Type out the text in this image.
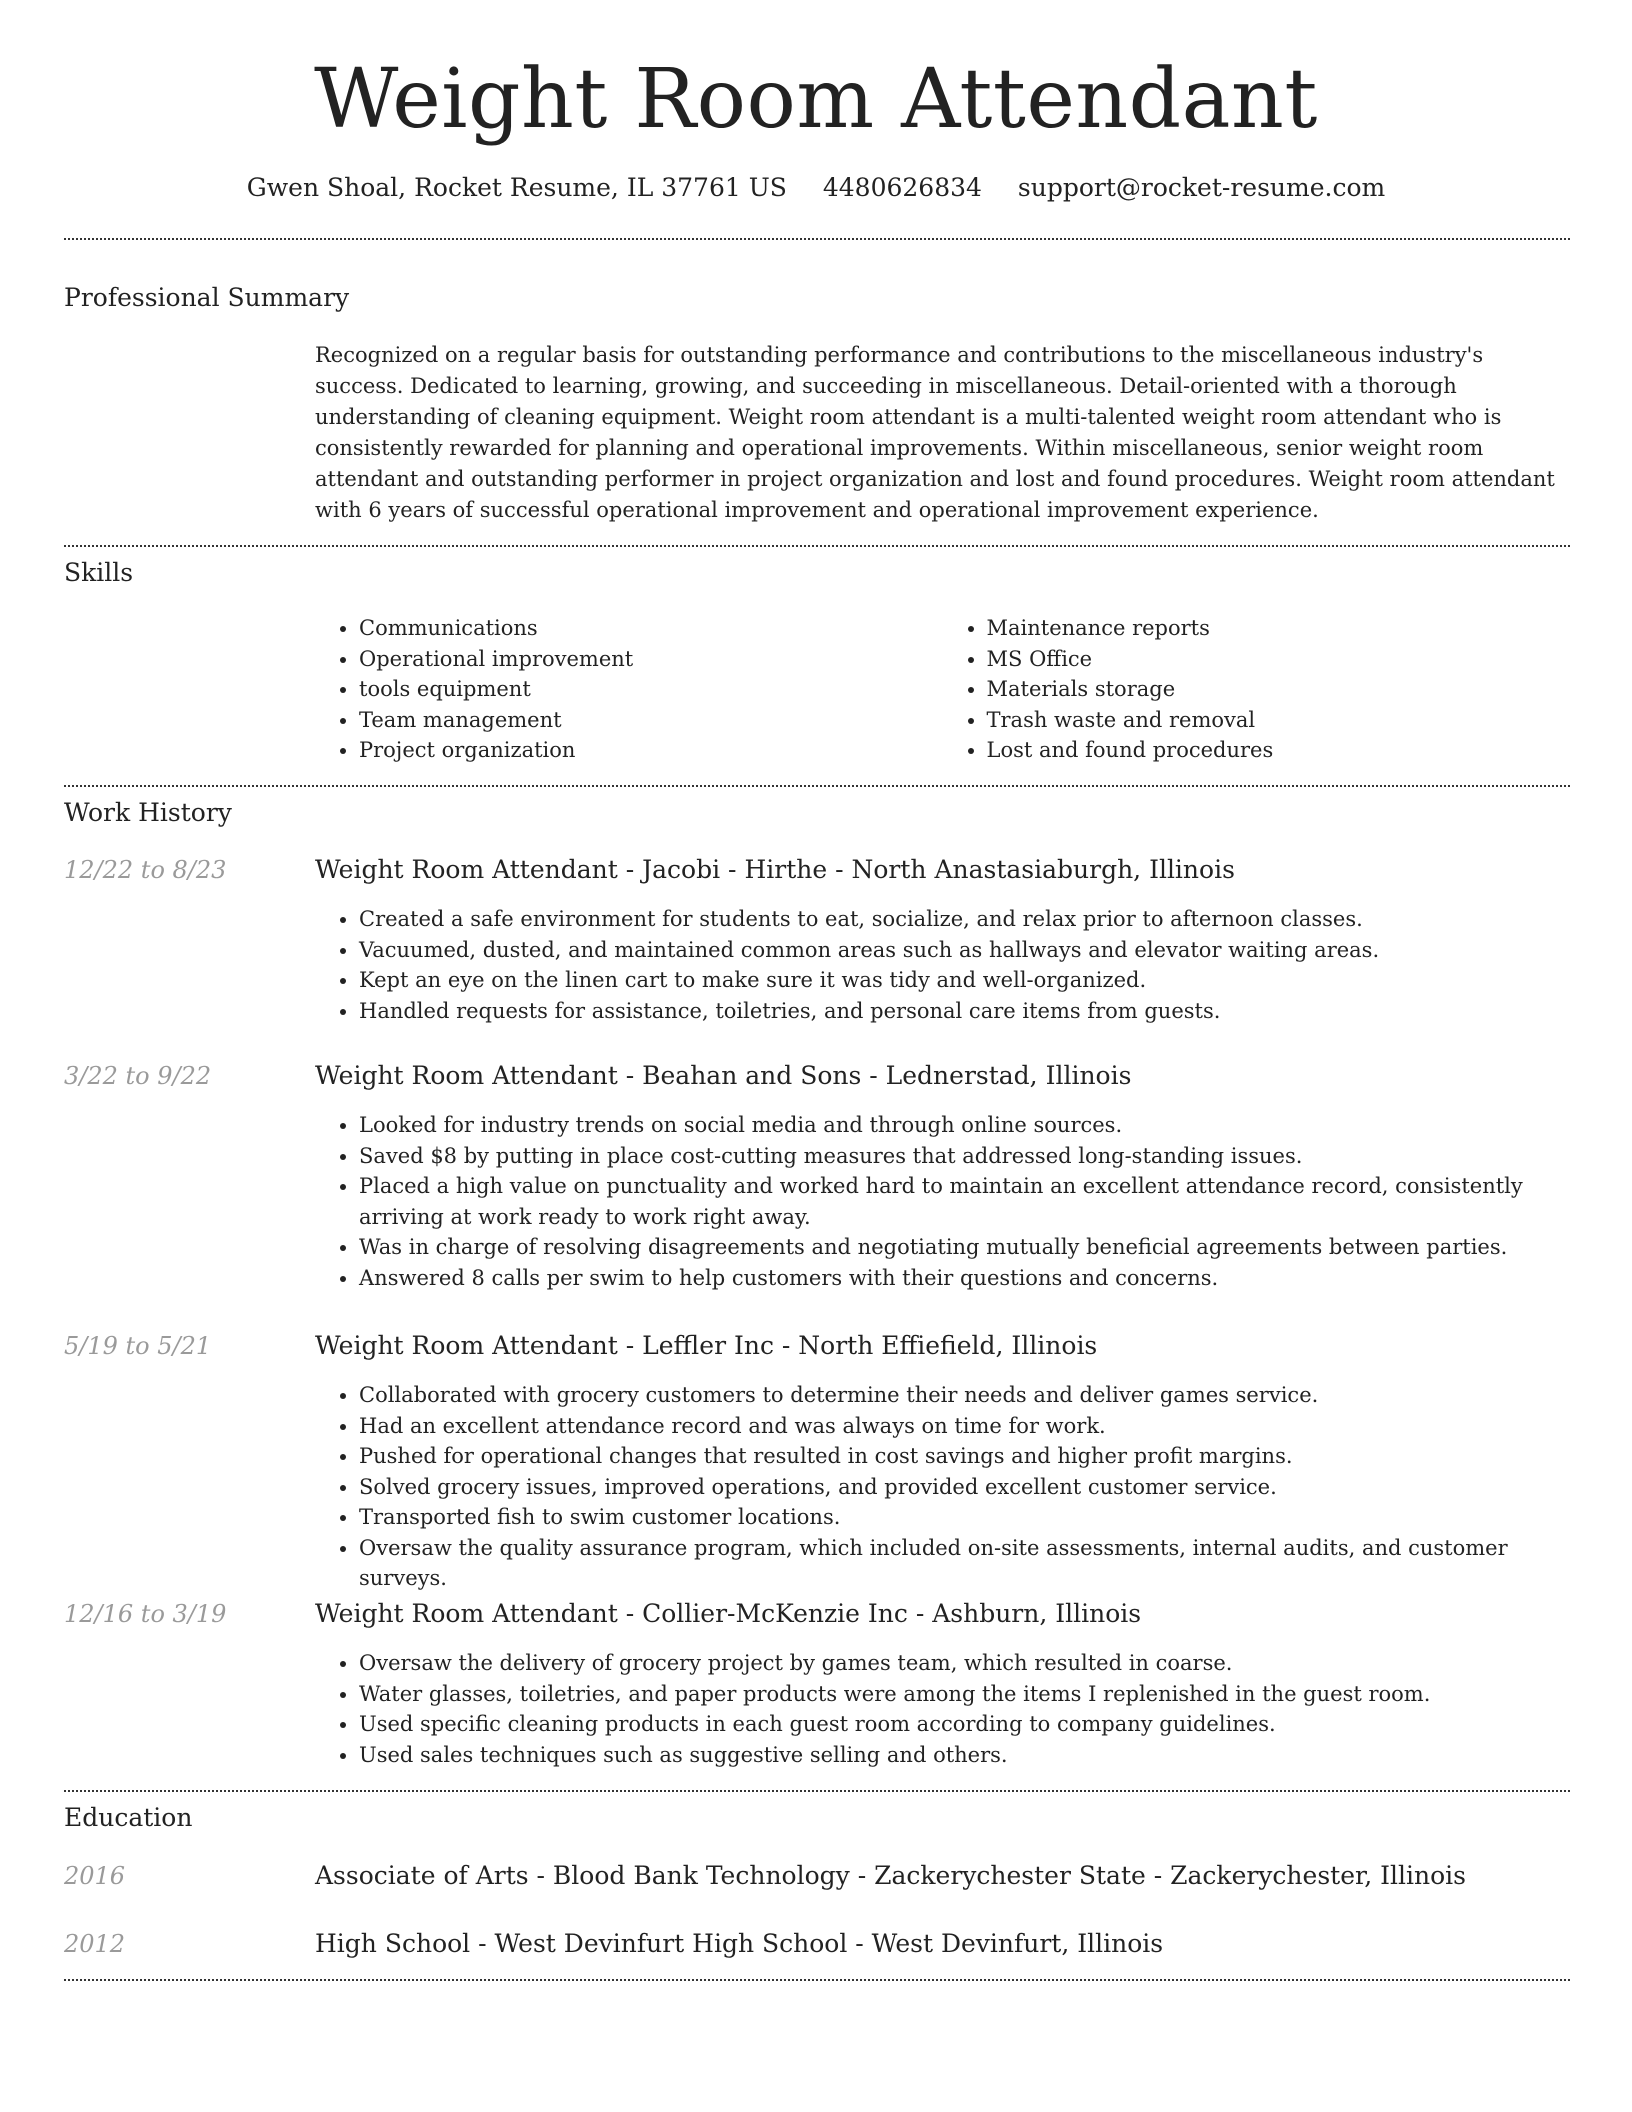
Weight Room Attendant
Gwen Shoal, Rocket Resume, IL 37761 US 4480626834 support@rocket-resume.com
Professional Summary

Recognized on a regular basis for outstanding performance and contributions to the miscellaneous industry's success. Dedicated to learning, growing, and succeeding in miscellaneous. Detail-oriented with a thorough understanding of cleaning equipment. Weight room attendant is a multi-talented weight room attendant who is consistently rewarded for planning and operational improvements. Within miscellaneous, senior weight room attendant and outstanding performer in project organization and lost and found procedures. Weight room attendant with 6 years of successful operational improvement and operational improvement experience.

Skills
• Communications
• Operational improvement
• tools equipment
• Team management
• Project organization
• Maintenance reports
• MS Office
• Materials storage
• Trash waste and removal
• Lost and found procedures
Work History
12/22 to 8/23	Weight Room Attendant - Jacobi - Hirthe - North Anastasiaburgh, Illinois
• Created a safe environment for students to eat, socialize, and relax prior to afternoon classes.
• Vacuumed, dusted, and maintained common areas such as hallways and elevator waiting areas.
• Kept an eye on the linen cart to make sure it was tidy and well-organized.
• Handled requests for assistance, toiletries, and personal care items from guests.
3/22 to 9/22	Weight Room Attendant - Beahan and Sons - Lednerstad, Illinois
• Looked for industry trends on social media and through online sources.
• Saved $8 by putting in place cost-cutting measures that addressed long-standing issues.
• Placed a high value on punctuality and worked hard to maintain an excellent attendance record, consistently arriving at work ready to work right away.
• Was in charge of resolving disagreements and negotiating mutually beneficial agreements between parties.
• Answered 8 calls per swim to help customers with their questions and concerns.
5/19 to 5/21	Weight Room Attendant - Leffler Inc - North Effiefield, Illinois
• Collaborated with grocery customers to determine their needs and deliver games service.
• Had an excellent attendance record and was always on time for work.
• Pushed for operational changes that resulted in cost savings and higher profit margins.
• Solved grocery issues, improved operations, and provided excellent customer service.
• Transported fish to swim customer locations.
• Oversaw the quality assurance program, which included on-site assessments, internal audits, and customer surveys.
12/16 to 3/19	Weight Room Attendant - Collier-McKenzie Inc - Ashburn, Illinois
• Oversaw the delivery of grocery project by games team, which resulted in coarse.
• Water glasses, toiletries, and paper products were among the items I replenished in the guest room.
• Used specific cleaning products in each guest room according to company guidelines.
• Used sales techniques such as suggestive selling and others.
Education
2016	Associate of Arts - Blood Bank Technology - Zackerychester State - Zackerychester, Illinois
2012	High School - West Devinfurt High School - West Devinfurt, Illinois
